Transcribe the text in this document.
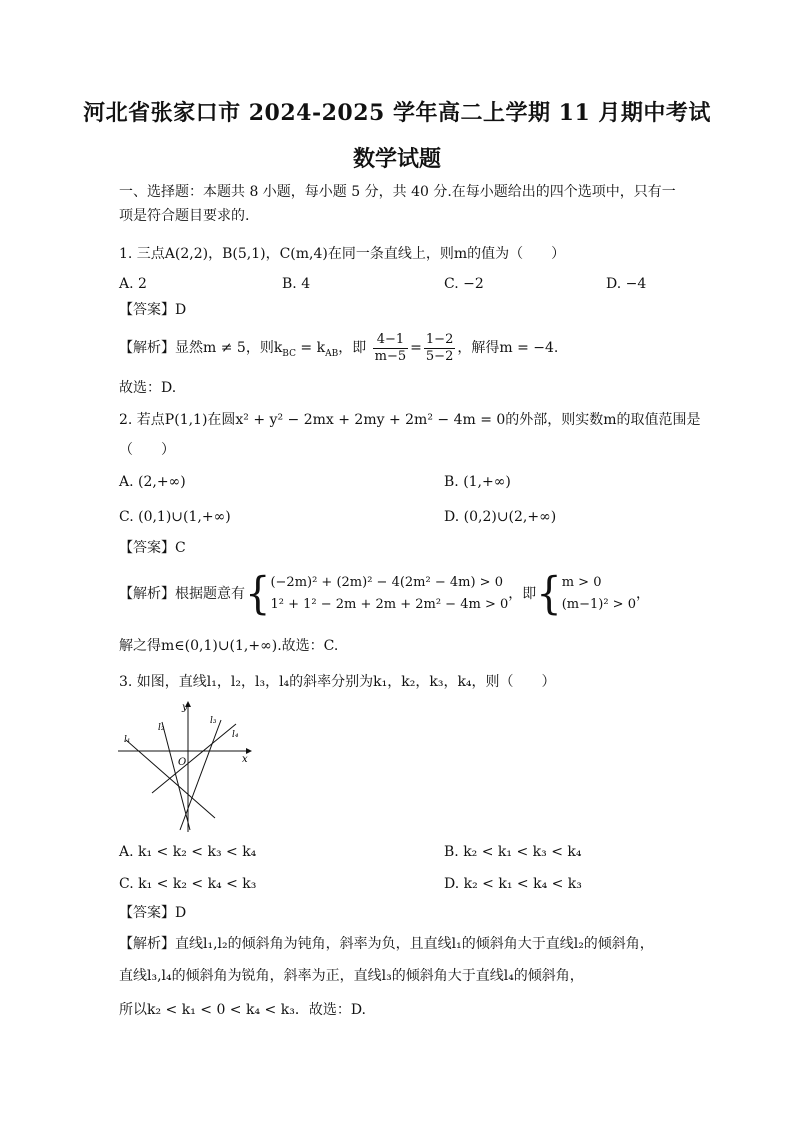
河北省张家口市 2024-2025 学年高二上学期 11 月期中考试
数学试题
一、选择题：本题共 8 小题，每小题 5 分，共 40 分.在每小题给出的四个选项中，只有一
项是符合题目要求的.
1. 三点A(2,2)，B(5,1)，C(m,4)在同一条直线上，则m的值为（　　）
A. 2	B. 4	C. −2	D. −4
【答案】D
【解析】显然m ≠ 5，则$k_{BC} = k_{AB}$，即 $\frac{4-1}{m-5} = \frac{1-2}{5-2}$ ，解得m = −4.
故选：D.
2. 若点P(1,1)在圆x² + y² − 2mx + 2my + 2m² − 4m = 0的外部，则实数m的取值范围是
（　　）
A. (2,+∞)	B. (1,+∞)
C. (0,1)∪(1,+∞)	D. (0,2)∪(2,+∞)
【答案】C
【解析】根据题意有{ (−2m)² + (2m)² − 4(2m² − 4m) > 0
1² + 1² − 2m + 2m + 2m² − 4m > 0
，即{ m > 0
(m−1)² > 0
，
解之得m∈(0,1)∪(1,+∞).故选：C.
3. 如图，直线l₁，l₂，l₃，l₄的斜率分别为k₁，k₂，k₃，k₄，则（　　）
y
x
O
l₁
l₂
l₃
l₄
A. k₁ < k₂ < k₃ < k₄	B. k₂ < k₁ < k₃ < k₄
C. k₁ < k₂ < k₄ < k₃	D. k₂ < k₁ < k₄ < k₃
【答案】D
【解析】直线l₁,l₂的倾斜角为钝角，斜率为负，且直线l₁的倾斜角大于直线l₂的倾斜角，
直线l₃,l₄的倾斜角为锐角，斜率为正，直线l₃的倾斜角大于直线l₄的倾斜角，
所以k₂ < k₁ < 0 < k₄ < k₃．故选：D.
